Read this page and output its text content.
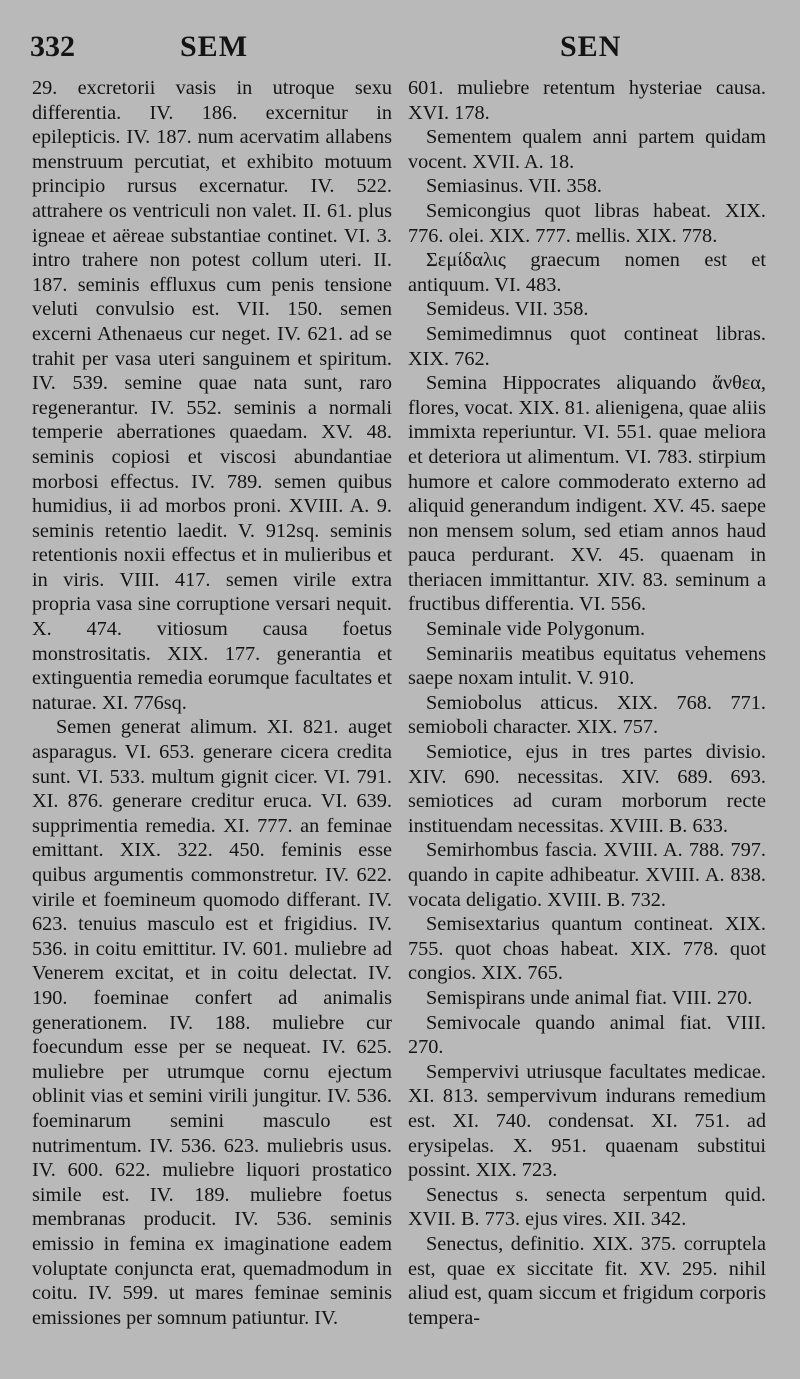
332	SEM	SEN

29. excretorii vasis in utroque sexu differentia. IV. 186. excernitur in epilepticis. IV. 187. num acervatim allabens menstruum percutiat, et exhibito motuum principio rursus excernatur. IV. 522. attrahere os ventriculi non valet. II. 61. plus igneae et aëreae substantiae continet. VI. 3. intro trahere non potest collum uteri. II. 187. seminis effluxus cum penis tensione veluti convulsio est. VII. 150. semen excerni Athenaeus cur neget. IV. 621. ad se trahit per vasa uteri sanguinem et spiritum. IV. 539. semine quae nata sunt, raro regenerantur. IV. 552. seminis a normali temperie aberrationes quaedam. XV. 48. seminis copiosi et viscosi abundantiae morbosi effectus. IV. 789. semen quibus humidius, ii ad morbos proni. XVIII. A. 9. seminis retentio laedit. V. 912sq. seminis retentionis noxii effectus et in mulieribus et in viris. VIII. 417. semen virile extra propria vasa sine corruptione versari nequit. X. 474. vitiosum causa foetus monstrositatis. XIX. 177. generantia et extinguentia remedia eorumque facultates et naturae. XI. 776sq.

Semen generat alimum. XI. 821. auget asparagus. VI. 653. generare cicera credita sunt. VI. 533. multum gignit cicer. VI. 791. XI. 876. generare creditur eruca. VI. 639. supprimentia remedia. XI. 777. an feminae emittant. XIX. 322. 450. feminis esse quibus argumentis commonstretur. IV. 622. virile et foemineum quomodo differant. IV. 623. tenuius masculo est et frigidius. IV. 536. in coitu emittitur. IV. 601. muliebre ad Venerem excitat, et in coitu delectat. IV. 190. foeminae confert ad animalis generationem. IV. 188. muliebre cur foecundum esse per se nequeat. IV. 625. muliebre per utrumque cornu ejectum oblinit vias et semini virili jungitur. IV. 536. foeminarum semini masculo est nutrimentum. IV. 536. 623. muliebris usus. IV. 600. 622. muliebre liquori prostatico simile est. IV. 189. muliebre foetus membranas producit. IV. 536. seminis emissio in femina ex imaginatione eadem voluptate conjuncta erat, quemadmodum in coitu. IV. 599. ut mares feminae seminis emissiones per somnum patiuntur. IV.

601. muliebre retentum hysteriae causa. XVI. 178.

Sementem qualem anni partem quidam vocent. XVII. A. 18.

Semiasinus. VII. 358.

Semicongius quot libras habeat. XIX. 776. olei. XIX. 777. mellis. XIX. 778.

Σεμίδαλις graecum nomen est et antiquum. VI. 483.

Semideus. VII. 358.

Semimedimnus quot contineat libras. XIX. 762.

Semina Hippocrates aliquando ἄνθεα, flores, vocat. XIX. 81. alienigena, quae aliis immixta reperiuntur. VI. 551. quae meliora et deteriora ut alimentum. VI. 783. stirpium humore et calore commoderato externo ad aliquid generandum indigent. XV. 45. saepe non mensem solum, sed etiam annos haud pauca perdurant. XV. 45. quaenam in theriacen immittantur. XIV. 83. seminum a fructibus differentia. VI. 556.

Seminale vide Polygonum.

Seminariis meatibus equitatus vehemens saepe noxam intulit. V. 910.

Semiobolus atticus. XIX. 768. 771. semioboli character. XIX. 757.

Semiotice, ejus in tres partes divisio. XIV. 690. necessitas. XIV. 689. 693. semiotices ad curam morborum recte instituendam necessitas. XVIII. B. 633.

Semirhombus fascia. XVIII. A. 788. 797. quando in capite adhibeatur. XVIII. A. 838. vocata deligatio. XVIII. B. 732.

Semisextarius quantum contineat. XIX. 755. quot choas habeat. XIX. 778. quot congios. XIX. 765.

Semispirans unde animal fiat. VIII. 270.

Semivocale quando animal fiat. VIII. 270.

Sempervivi utriusque facultates medicae. XI. 813. sempervivum indurans remedium est. XI. 740. condensat. XI. 751. ad erysipelas. X. 951. quaenam substitui possint. XIX. 723.

Senectus s. senecta serpentum quid. XVII. B. 773. ejus vires. XII. 342.

Senectus, definitio. XIX. 375. corruptela est, quae ex siccitate fit. XV. 295. nihil aliud est, quam siccum et frigidum corporis tempera-
